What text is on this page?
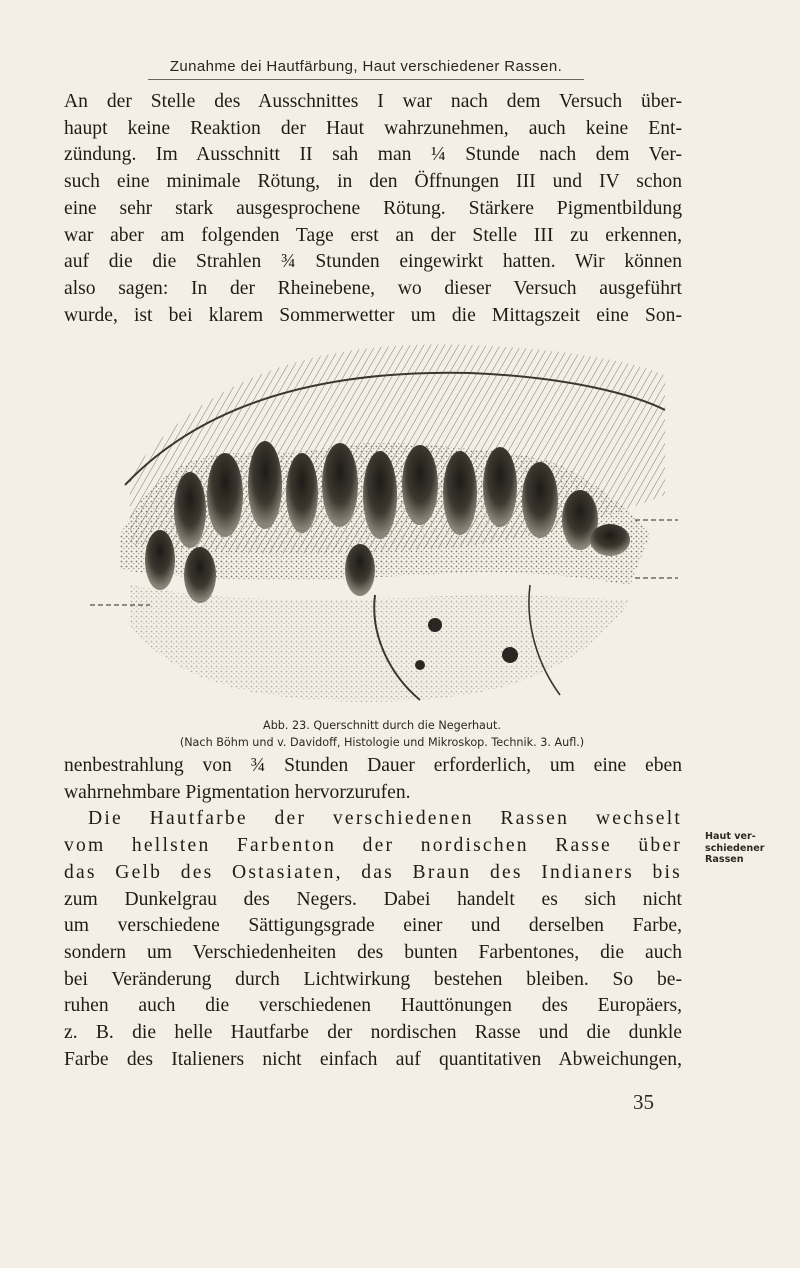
Zunahme dei Hautfärbung, Haut verschiedener Rassen.
An der Stelle des Ausschnittes I war nach dem Versuch über-
haupt keine Reaktion der Haut wahrzunehmen, auch keine Ent-
zündung. Im Ausschnitt II sah man ¼ Stunde nach dem Ver-
such eine minimale Rötung, in den Öffnungen III und IV schon
eine sehr stark ausgesprochene Rötung. Stärkere Pigmentbildung
war aber am folgenden Tage erst an der Stelle III zu erkennen,
auf die die Strahlen ¾ Stunden eingewirkt hatten. Wir können
also sagen: In der Rheinebene, wo dieser Versuch ausgeführt
wurde, ist bei klarem Sommerwetter um die Mittagszeit eine Son-
Abb. 23. Querschnitt durch die Negerhaut.
(Nach Böhm und v. Davidoff, Histologie und Mikroskop. Technik. 3. Aufl.)
nenbestrahlung von ¾ Stunden Dauer erforderlich, um eine eben
wahrnehmbare Pigmentation hervorzurufen.
Die Hautfarbe der verschiedenen Rassen wechselt
vom hellsten Farbenton der nordischen Rasse über
das Gelb des Ostasiaten, das Braun des Indianers bis
zum Dunkelgrau des Negers. Dabei handelt es sich nicht
um verschiedene Sättigungsgrade einer und derselben Farbe,
sondern um Verschiedenheiten des bunten Farbentones, die auch
bei Veränderung durch Lichtwirkung bestehen bleiben. So be-
ruhen auch die verschiedenen Hauttönungen des Europäers,
z. B. die helle Hautfarbe der nordischen Rasse und die dunkle
Farbe des Italieners nicht einfach auf quantitativen Abweichungen,
Haut ver-
schiedener
Rassen
35
